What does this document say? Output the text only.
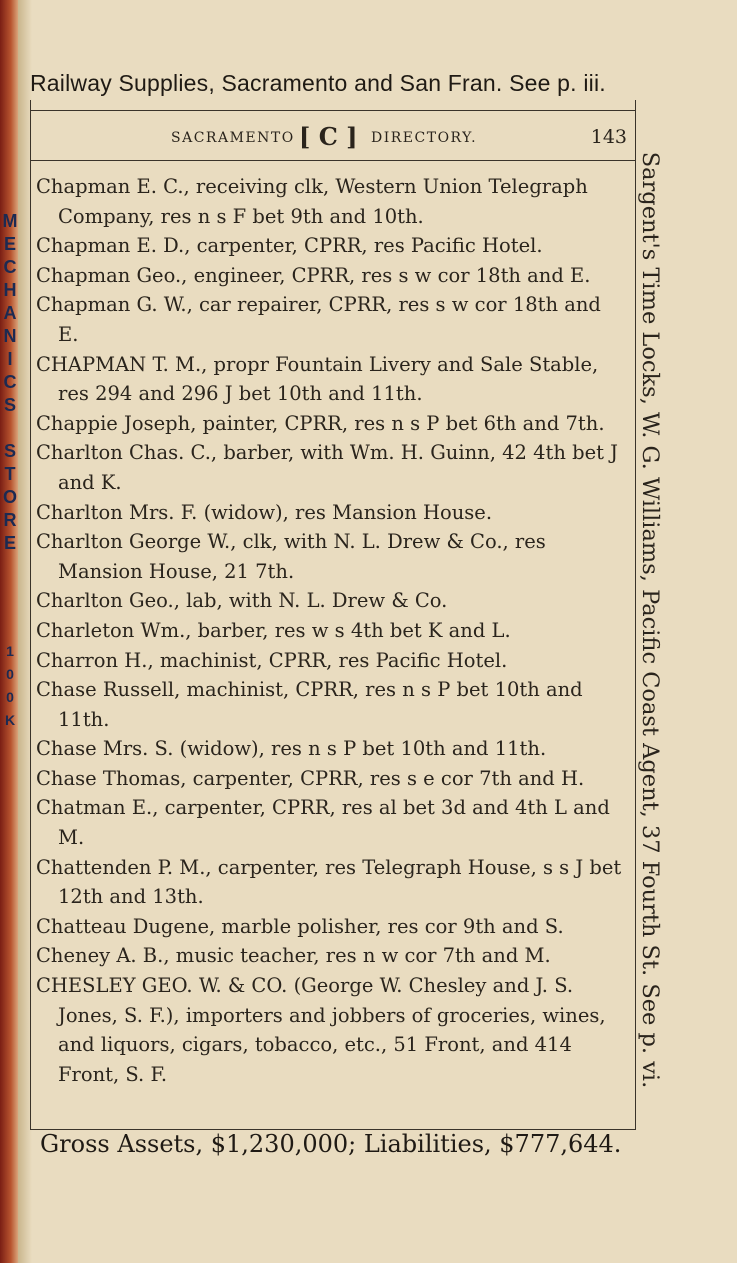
Railway Supplies, Sacramento and San Fran. See p. iii.
M
E
C
H
A
N
I
C
S

S
T
O
R
E
1
0
0
K
SACRAMENTO [ C ] DIRECTORY.	143
Chapman E. C., receiving clk, Western Union Telegraph Company, res n s F bet 9th and 10th.
Chapman E. D., carpenter, CPRR, res Pacific Hotel.
Chapman Geo., engineer, CPRR, res s w cor 18th and E.
Chapman G. W., car repairer, CPRR, res s w cor 18th and E.
CHAPMAN T. M., propr Fountain Livery and Sale Stable, res 294 and 296 J bet 10th and 11th.
Chappie Joseph, painter, CPRR, res n s P bet 6th and 7th.
Charlton Chas. C., barber, with Wm. H. Guinn, 42 4th bet J and K.
Charlton Mrs. F. (widow), res Mansion House.
Charlton George W., clk, with N. L. Drew & Co., res Mansion House, 21 7th.
Charlton Geo., lab, with N. L. Drew & Co.
Charleton Wm., barber, res w s 4th bet K and L.
Charron H., machinist, CPRR, res Pacific Hotel.
Chase Russell, machinist, CPRR, res n s P bet 10th and 11th.
Chase Mrs. S. (widow), res n s P bet 10th and 11th.
Chase Thomas, carpenter, CPRR, res s e cor 7th and H.
Chatman E., carpenter, CPRR, res al bet 3d and 4th L and M.
Chattenden P. M., carpenter, res Telegraph House, s s J bet 12th and 13th.
Chatteau Dugene, marble polisher, res cor 9th and S.
Cheney A. B., music teacher, res n w cor 7th and M.
CHESLEY GEO. W. & CO. (George W. Chesley and J. S. Jones, S. F.), importers and jobbers of groceries, wines, and liquors, cigars, tobacco, etc., 51 Front, and 414 Front, S. F.	Sargent's Time Locks, W. G. Williams, Pacific Coast Agent, 37 Fourth St. See p. vi.
Gross Assets, $1,230,000; Liabilities, $777,644.
